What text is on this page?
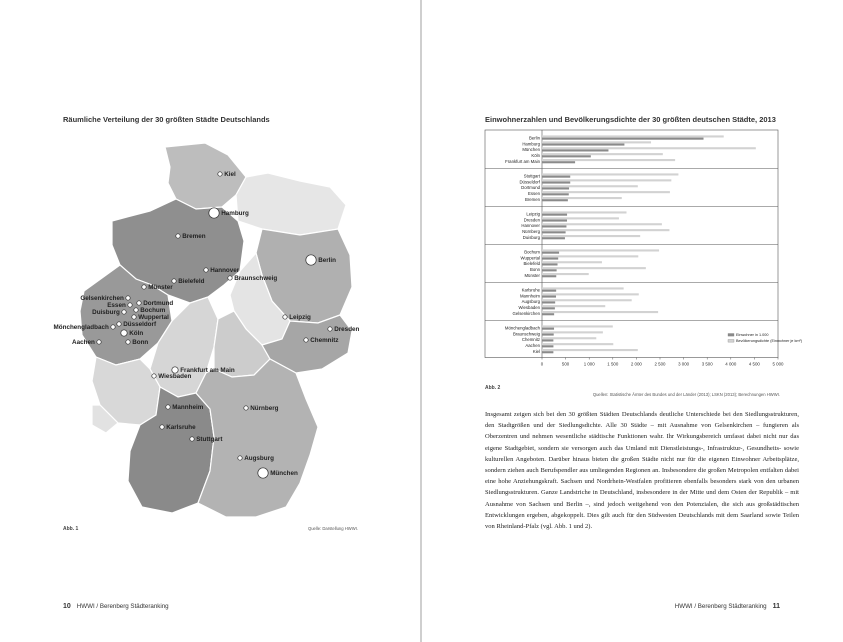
Räumliche Verteilung der 30 größten Städte Deutschlands
Kiel
Hamburg
Bremen
Berlin
Hannover
Bielefeld	Braunschweig
Münster
Gelsenkirchen
Essen	Dortmund
Bochum
Duisburg
Wuppertal
Düsseldorf
Mönchengladbach
Köln
Bonn
Aachen
Leipzig
Dresden
Chemnitz
Frankfurt am Main
Wiesbaden
Mannheim
Karlsruhe
Stuttgart
Nürnberg
Augsburg
München
Abb. 1	Quelle: Darstellung HWWI.
10 HWWI / Berenberg Städteranking
Einwohnerzahlen und Bevölkerungsdichte der 30 größten deutschen Städte, 2013
Berlin
Hamburg
München
Köln
Frankfurt am Main
Stuttgart
Düsseldorf
Dortmund
Essen
Bremen
Leipzig
Dresden
Hannover
Nürnberg
Duisburg
Bochum
Wuppertal
Bielefeld
Bonn
Münster
Karlsruhe
Mannheim
Augsburg
Wiesbaden
Gelsenkirchen
Mönchengladbach
Braunschweig
Chemnitz
Aachen
Kiel
0	500	1 000	1 500	2 000	2 500	3 000	3 500	4 000	4 500	5 000
Einwohner in 1.000
Bevölkerungsdichte (Einwohner je km²)
Abb. 2
Quellen: Statistische Ämter des Bundes und der Länder (2013); LSKN (2013); Berechnungen HWWI.

Insgesamt zeigen sich bei den 30 größten Städten Deutschlands deutliche Unterschiede bei den Siedlungsstrukturen, den Stadtgrößen und der Siedlungsdichte. Alle 30 Städte – mit Ausnahme von Gelsenkirchen – fungieren als Oberzentren und nehmen wesentliche städtische Funktionen wahr. Ihr Wirkungsbereich umfasst dabei nicht nur das eigene Stadtgebiet, sondern sie versorgen auch das Umland mit Dienstleistungs-, Infrastruktur-, Gesundheits- sowie kulturellen Angeboten. Darüber hinaus bieten die großen Städte nicht nur für die eigenen Einwohner Arbeitsplätze, sondern ziehen auch Berufspendler aus umliegenden Regionen an. Insbesondere die großen Metropolen entfalten dabei eine hohe Anziehungskraft. Sachsen und Nordrhein-Westfalen profitieren ebenfalls besonders stark von den urbanen Siedlungsstrukturen. Ganze Landstriche in Deutschland, insbesondere in der Mitte und dem Osten der Republik – mit Ausnahme von Sachsen und Berlin –, sind jedoch weitgehend von den Potenzialen, die sich aus großstädtischen Entwicklungen ergeben, abgekoppelt. Dies gilt auch für den Südwesten Deutschlands mit dem Saarland sowie Teilen von Rheinland-Pfalz (vgl. Abb. 1 und 2).

HWWI / Berenberg Städteranking 11
